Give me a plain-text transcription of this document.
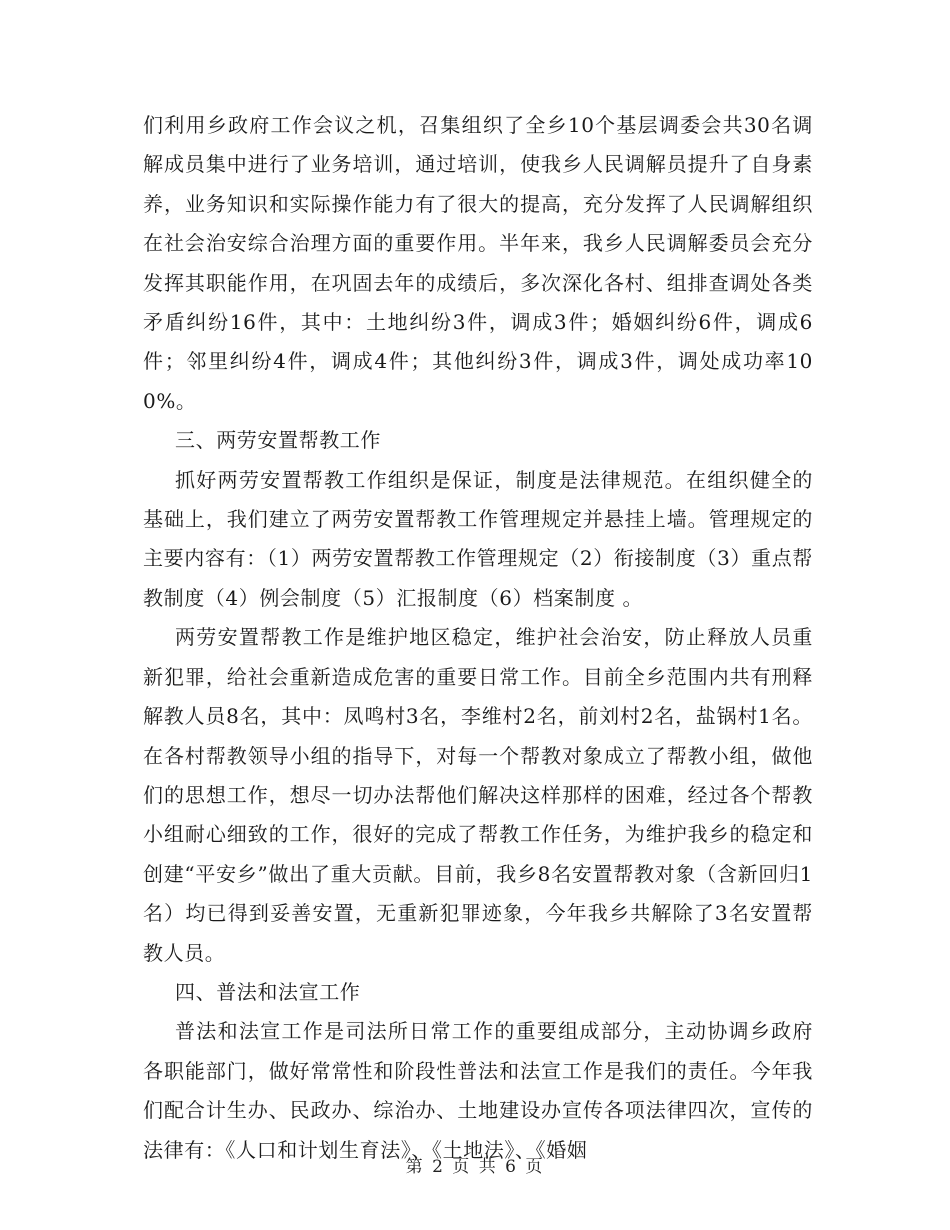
们利用乡政府工作会议之机，召集组织了全乡10个基层调委会共30名调解成员集中进行了业务培训，通过培训，使我乡人民调解员提升了自身素养，业务知识和实际操作能力有了很大的提高，充分发挥了人民调解组织在社会治安综合治理方面的重要作用。半年来，我乡人民调解委员会充分发挥其职能作用，在巩固去年的成绩后，多次深化各村、组排查调处各类矛盾纠纷16件，其中：土地纠纷3件，调成3件；婚姻纠纷6件，调成6件；邻里纠纷4件，调成4件；其他纠纷3件，调成3件，调处成功率100%。

三、两劳安置帮教工作

抓好两劳安置帮教工作组织是保证，制度是法律规范。在组织健全的基础上，我们建立了两劳安置帮教工作管理规定并悬挂上墙。管理规定的主要内容有：（1）两劳安置帮教工作管理规定（2）衔接制度（3）重点帮教制度（4）例会制度（5）汇报制度（6）档案制度 。

两劳安置帮教工作是维护地区稳定，维护社会治安，防止释放人员重新犯罪，给社会重新造成危害的重要日常工作。目前全乡范围内共有刑释解教人员8名，其中：凤鸣村3名，李维村2名，前刘村2名，盐锅村1名。在各村帮教领导小组的指导下，对每一个帮教对象成立了帮教小组，做他们的思想工作，想尽一切办法帮他们解决这样那样的困难，经过各个帮教小组耐心细致的工作，很好的完成了帮教工作任务，为维护我乡的稳定和创建“平安乡”做出了重大贡献。目前，我乡8名安置帮教对象（含新回归1名）均已得到妥善安置，无重新犯罪迹象，今年我乡共解除了3名安置帮教人员。

四、普法和法宣工作

普法和法宣工作是司法所日常工作的重要组成部分，主动协调乡政府各职能部门，做好常常性和阶段性普法和法宣工作是我们的责任。今年我们配合计生办、民政办、综治办、土地建设办宣传各项法律四次，宣传的法律有：《人口和计划生育法》、《土地法》、《婚姻

第 2 页 共 6 页
